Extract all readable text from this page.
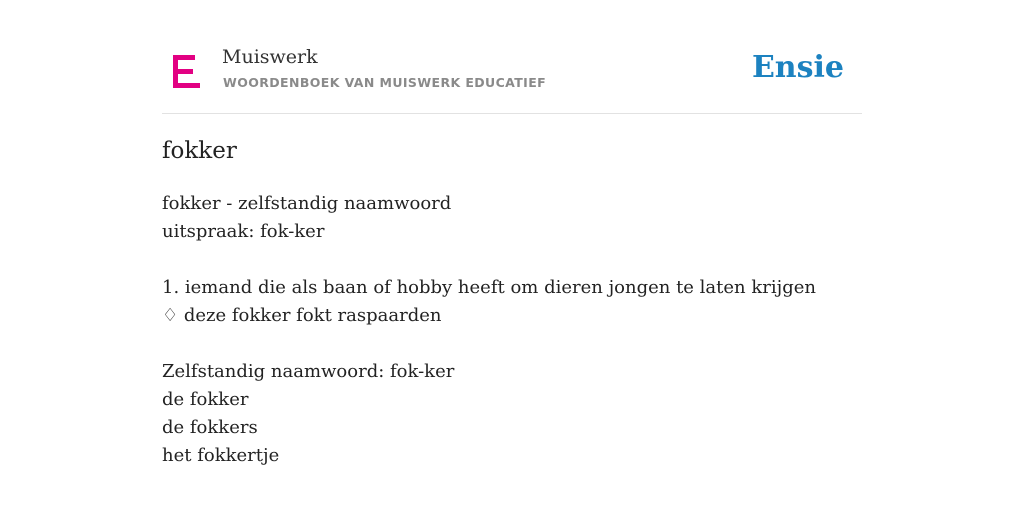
Muiswerk
WOORDENBOEK VAN MUISWERK EDUCATIEF	Ensie
fokker
fokker - zelfstandig naamwoord
uitspraak: fok-ker
1. iemand die als baan of hobby heeft om dieren jongen te laten krijgen
♢ deze fokker fokt raspaarden
Zelfstandig naamwoord: fok-ker
de fokker
de fokkers
het fokkertje
